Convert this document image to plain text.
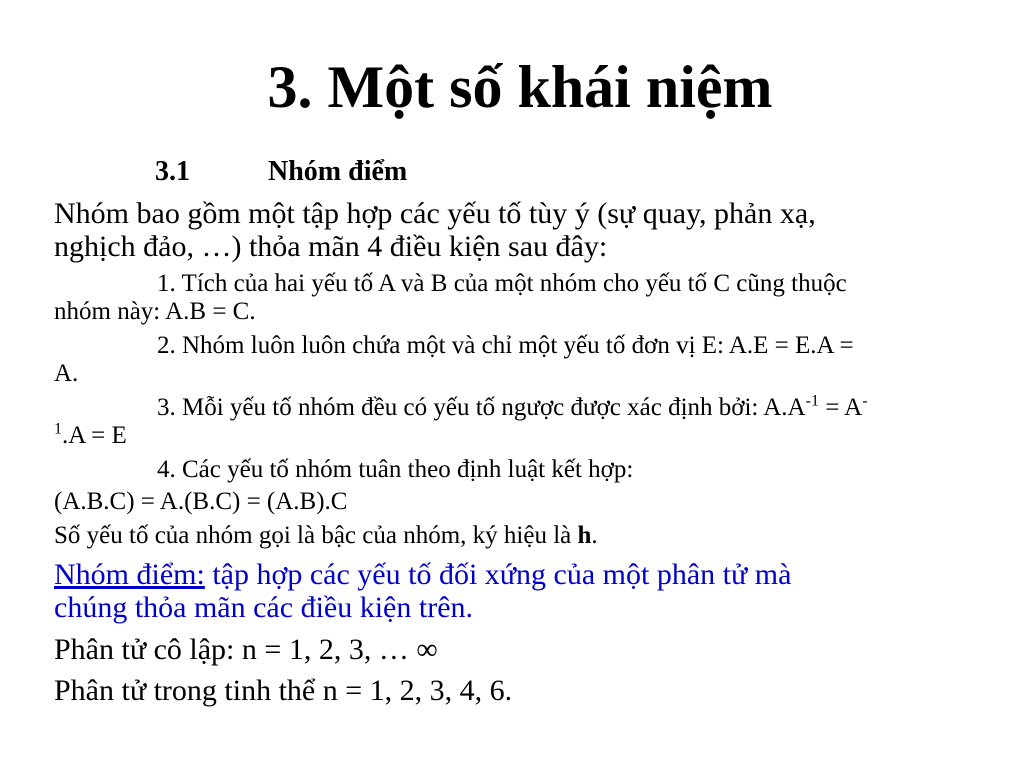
3. Một số khái niệm
3.1	Nhóm điểm
Nhóm bao gồm một tập hợp các yếu tố tùy ý (sự quay, phản xạ,
nghịch đảo, …) thỏa mãn 4 điều kiện sau đây:
1. Tích của hai yếu tố A và B của một nhóm cho yếu tố C cũng thuộc
nhóm này: A.B = C.
2. Nhóm luôn luôn chứa một và chỉ một yếu tố đơn vị E: A.E = E.A =
A.
3. Mỗi yếu tố nhóm đều có yếu tố ngược được xác định bởi: $A.A^{-1} = A^-$
$^1$.A = E
4. Các yếu tố nhóm tuân theo định luật kết hợp:
(A.B.C) = A.(B.C) = (A.B).C
Số yếu tố của nhóm gọi là bậc của nhóm, ký hiệu là h.
Nhóm điểm: tập hợp các yếu tố đối xứng của một phân tử mà
chúng thỏa mãn các điều kiện trên.
Phân tử cô lập: n = 1, 2, 3, … ∞
Phân tử trong tinh thể n = 1, 2, 3, 4, 6.
